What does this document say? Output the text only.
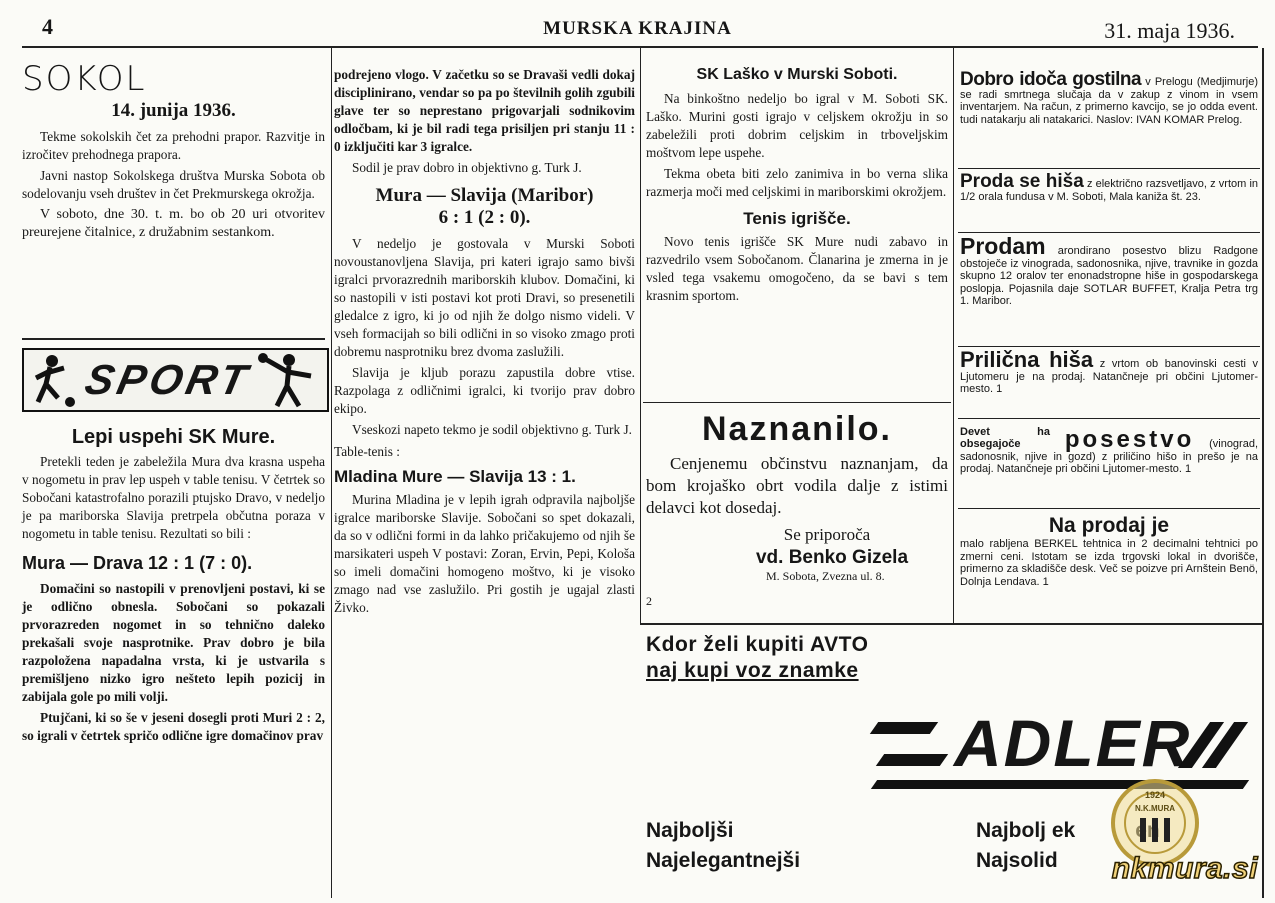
4	MURSKA KRAJINA	31. maja 1936.
SOKOL
14. junija 1936.

Tekme sokolskih čet za prehodni prapor. Razvitje in izročitev prehodnega prapora.

Javni nastop Sokolskega društva Murska Sobota ob sodelovanju vseh društev in čet Prekmurskega okrožja.

V soboto, dne 30. t. m. bo ob 20 uri otvoritev preurejene čitalnice, z družabnim sestankom.

SPORT
Lepi uspehi SK Mure.

Pretekli teden je zabeležila Mura dva krasna uspeha v nogometu in prav lep uspeh v table tenisu. V četrtek so Sobočani katastrofalno porazili ptujsko Dravo, v nedeljo je pa mariborska Slavija pretrpela občutna poraza v nogometu in table tenisu. Rezultati so bili :

Mura — Drava 12 : 1 (7 : 0).

Domačini so nastopili v prenovljeni postavi, ki se je odlično obnesla. Sobočani so pokazali prvorazreden nogomet in so tehnično daleko prekašali svoje nasprotnike. Prav dobro je bila razpoložena napadalna vrsta, ki je ustvarila s premišljeno nizko igro nešteto lepih pozicij in zabijala gole po mili volji.

Ptujčani, ki so še v jeseni dosegli proti Muri 2 : 2, so igrali v četrtek spričo odlične igre domačinov prav

podrejeno vlogo. V začetku so se Dravaši vedli dokaj disciplinirano, vendar so pa po številnih golih zgubili glave ter so neprestano prigovarjali sodnikovim odločbam, ki je bil radi tega prisiljen pri stanju 11 : 0 izključiti kar 3 igralce.

Sodil je prav dobro in objektivno g. Turk J.

Mura — Slavija (Maribor)
6 : 1 (2 : 0).

V nedeljo je gostovala v Murski Soboti novoustanovljena Slavija, pri kateri igrajo samo bivši igralci prvorazrednih mariborskih klubov. Domačini, ki so nastopili v isti postavi kot proti Dravi, so presenetili gledalce z igro, ki jo od njih že dolgo nismo videli. V vseh formacijah so bili odlični in so visoko zmago proti dobremu nasprotniku brez dvoma zaslužili.

Slavija je kljub porazu zapustila dobre vtise. Razpolaga z odličnimi igralci, ki tvorijo prav dobro ekipo.

Vseskozi napeto tekmo je sodil objektivno g. Turk J.

Table-tenis :

Mladina Mure — Slavija 13 : 1.

Murina Mladina je v lepih igrah odpravila najboljše igralce mariborske Slavije. Sobočani so spet dokazali, da so v odlični formi in da lahko pričakujemo od njih še marsikateri uspeh V postavi: Zoran, Ervin, Pepi, Kološa so imeli domačini homogeno moštvo, ki je visoko zmago nad vse zaslužilo. Pri gostih je ugajal zlasti Živko.

SK Laško v Murski Soboti.

Na binkoštno nedeljo bo igral v M. Soboti SK. Laško. Murini gosti igrajo v celjskem okrožju in so zabeležili proti dobrim celjskim in trboveljskim moštvom lepe uspehe.

Tekma obeta biti zelo zanimiva in bo verna slika razmerja moči med celjskimi in mariborskimi okrožjem.

Tenis igrišče.

Novo tenis igrišče SK Mure nudi zabavo in razvedrilo vsem Sobočanom. Članarina je zmerna in je vsled tega vsakemu omogočeno, da se bavi s tem krasnim sportom.

Naznanilo.
Cenjenemu občinstvu naznanjam, da bom krojaško obrt vodila dalje z istimi delavci kot dosedaj.
Se priporoča
vd. Benko Gizela
M. Sobota, Zvezna ul. 8.
2

Dobro idoča gostilna v Prelogu (Medjimurje) se radi smrtnega slučaja da v zakup z vinom in vsem inventarjem. Na račun, z primerno kavcijo, se jo odda event. tudi natakarju ali natakarici. Naslov: IVAN KOMAR Prelog.

Proda se hiša z električno razsvetljavo, z vrtom in 1/2 orala fundusa v M. Soboti, Mala kaniža št. 23.

Prodam arondirano posestvo blizu Radgone obstoječe iz vinograda, sadonosnika, njive, travnike in gozda skupno 12 oralov ter enonadstropne hiše in gospodarskega poslopja. Pojasnila daje SOTLAR BUFFET, Kralja Petra trg 1. Maribor.

Prilična hiša z vrtom ob banovinski cesti v Ljutomeru je na prodaj. Natančneje pri občini Ljutomer-mesto. 1

Devet ha obsegajoče posestvo (vinograd, sadonosnik, njive in gozd) z priličino hišo in prešo je na prodaj. Natančneje pri občini Ljutomer-mesto. 1

Na prodaj je

malo rabljena BERKEL tehtnica in 2 decimalni tehtnici po zmerni ceni. Istotam se izda trgovski lokal in dvorišče, primerno za skladišče desk. Več se poizve pri Arnštein Benö, Dolnja Lendava. 1

Kdor želi kupiti AVTO
naj kupi voz znamke
ADLER
Najboljši
Najelegantnejši
Najbolj ek
Najsolid
1924
N.K.MURA
nkmura.si
